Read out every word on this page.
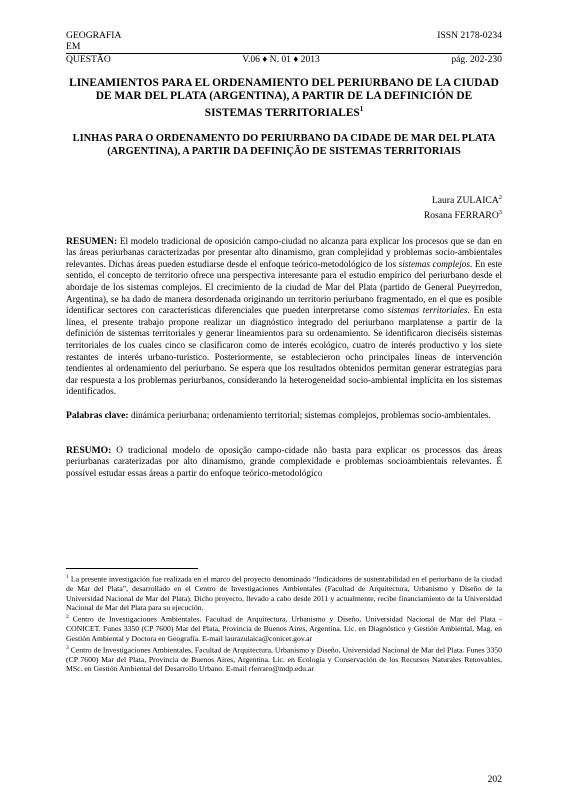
GEOGRAFIA	ISSN 2178-0234
EM
QUESTÃO	V.06 ♦ N. 01 ♦ 2013	pág. 202-230
LINEAMIENTOS PARA EL ORDENAMIENTO DEL PERIURBANO DE LA CIUDAD DE MAR DEL PLATA (ARGENTINA), A PARTIR DE LA DEFINICIÓN DE SISTEMAS TERRITORIALES$^1$
LINHAS PARA O ORDENAMENTO DO PERIURBANO DA CIDADE DE MAR DEL PLATA (ARGENTINA), A PARTIR DA DEFINIÇÃO DE SISTEMAS TERRITORIAIS
Laura ZULAICA$^2$
Rosana FERRARO$^3$

RESUMEN: El modelo tradicional de oposición campo-ciudad no alcanza para explicar los procesos que se dan en las áreas periurbanas caracterizadas por presentar alto dinamismo, gran complejidad y problemas socio-ambientales relevantes. Dichas áreas pueden estudiarse desde el enfoque teórico-metodológico de los sistemas complejos. En este sentido, el concepto de territorio ofrece una perspectiva interesante para el estudio empírico del periurbano desde el abordaje de los sistemas complejos. El crecimiento de la ciudad de Mar del Plata (partido de General Pueyrredon, Argentina), se ha dado de manera desordenada originando un territorio periurbano fragmentado, en el que es posible identificar sectores con características diferenciales que pueden interpretarse como sistemas territoriales. En esta línea, el presente trabajo propone realizar un diagnóstico integrado del periurbano marplatense a partir de la definición de sistemas territoriales y generar lineamientos para su ordenamiento. Se identificaron dieciséis sistemas territoriales de los cuales cinco se clasificaron como de interés ecológico, cuatro de interés productivo y los siete restantes de interés urbano-turístico. Posteriormente, se establecieron ocho principales líneas de intervención tendientes al ordenamiento del periurbano. Se espera que los resultados obtenidos permitan generar estrategias para dar respuesta a los problemas periurbanos, considerando la heterogeneidad socio-ambiental implícita en los sistemas identificados.

Palabras clave: dinámica periurbana; ordenamiento territorial; sistemas complejos, problemas socio-ambientales.

RESUMO: O tradicional modelo de oposição campo-cidade não basta para explicar os processos das áreas periurbanas caraterizadas por alto dinamismo, grande complexidade e problemas socioambientais relevantes. É possível estudar essas áreas a partir do enfoque teórico-metodológico

$^1$ La presente investigación fue realizada en el marco del proyecto denominado “Indicadores de sustentabilidad en el periurbano de la ciudad de Mar del Plata”, desarrollado en el Centro de Investigaciones Ambientales (Facultad de Arquitectura, Urbanismo y Diseño de la Universidad Nacional de Mar del Plata). Dicho proyecto, llevado a cabo desde 2011 y actualmente, recibe financiamiento de la Universidad Nacional de Mar del Plata para su ejecución.
$^2$ Centro de Investigaciones Ambientales, Facultad de Arquitectura, Urbanismo y Diseño, Universidad Nacional de Mar del Plata - CONICET. Funes 3350 (CP 7600) Mar del Plata, Provincia de Buenos Aires, Argentina. Lic. en Diagnóstico y Gestión Ambiental, Mag. en Gestión Ambiental y Doctora en Geografía. E-mail laurazulaica@conicet.gov.ar
$^3$ Centro de Investigaciones Ambientales, Facultad de Arquitectura, Urbanismo y Diseño, Universidad Nacional de Mar del Plata. Funes 3350 (CP 7600) Mar del Plata, Provincia de Buenos Aires, Argentina. Lic. en Ecología y Conservación de los Recursos Naturales Renovables, MSc. en Gestión Ambiental del Desarrollo Urbano. E-mail rferraro@mdp.edu.ar
202
